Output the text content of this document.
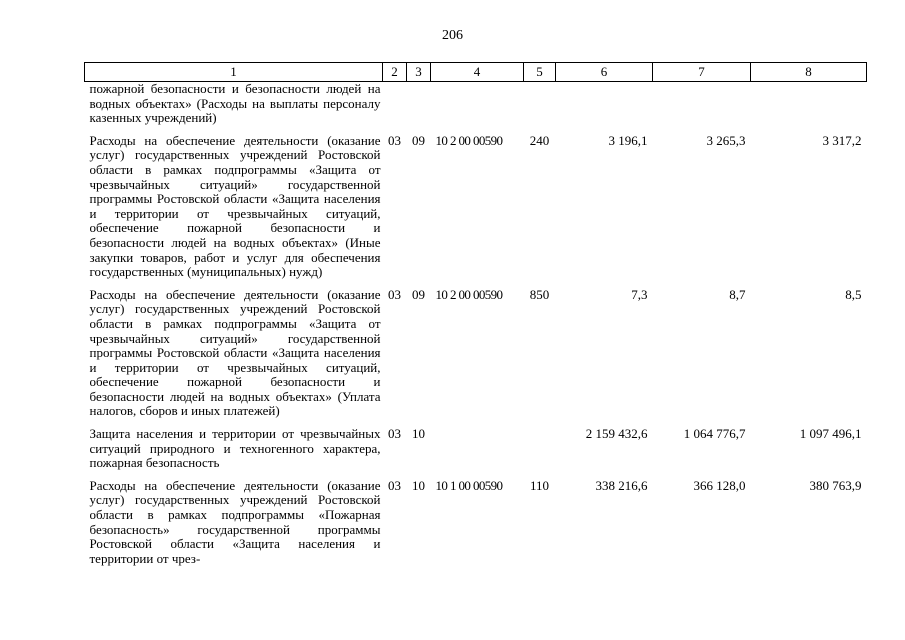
206
1	2	3	4	5	6	7	8
пожарной безопасности и безопасности людей на водных объектах» (Расходы на выплаты персоналу казенных учреждений)							
Расходы на обеспечение деятельности (оказание услуг) государственных учреждений Ростовской области в рамках подпрограммы «Защита от чрезвычайных ситуаций» государственной программы Ростовской области «Защита населения и территории от чрезвычайных ситуаций, обеспечение пожарной безопасности и безопасности людей на водных объектах» (Иные закупки товаров, работ и услуг для обеспечения государственных (муниципальных) нужд)	03	09	10 2 00 00590	240	3 196,1	3 265,3	3 317,2
Расходы на обеспечение деятельности (оказание услуг) государственных учреждений Ростовской области в рамках подпрограммы «Защита от чрезвычайных ситуаций» государственной программы Ростовской области «Защита населения и территории от чрезвычайных ситуаций, обеспечение пожарной безопасности и безопасности людей на водных объектах» (Уплата налогов, сборов и иных платежей)	03	09	10 2 00 00590	850	7,3	8,7	8,5
Защита населения и территории от чрезвычайных ситуаций природного и техногенного характера, пожарная безопасность	03	10			2 159 432,6	1 064 776,7	1 097 496,1
Расходы на обеспечение деятельности (оказание услуг) государственных учреждений Ростовской области в рамках подпрограммы «Пожарная безопасность» государственной программы Ростовской области «Защита населения и территории от чрез-	03	10	10 1 00 00590	110	338 216,6	366 128,0	380 763,9
